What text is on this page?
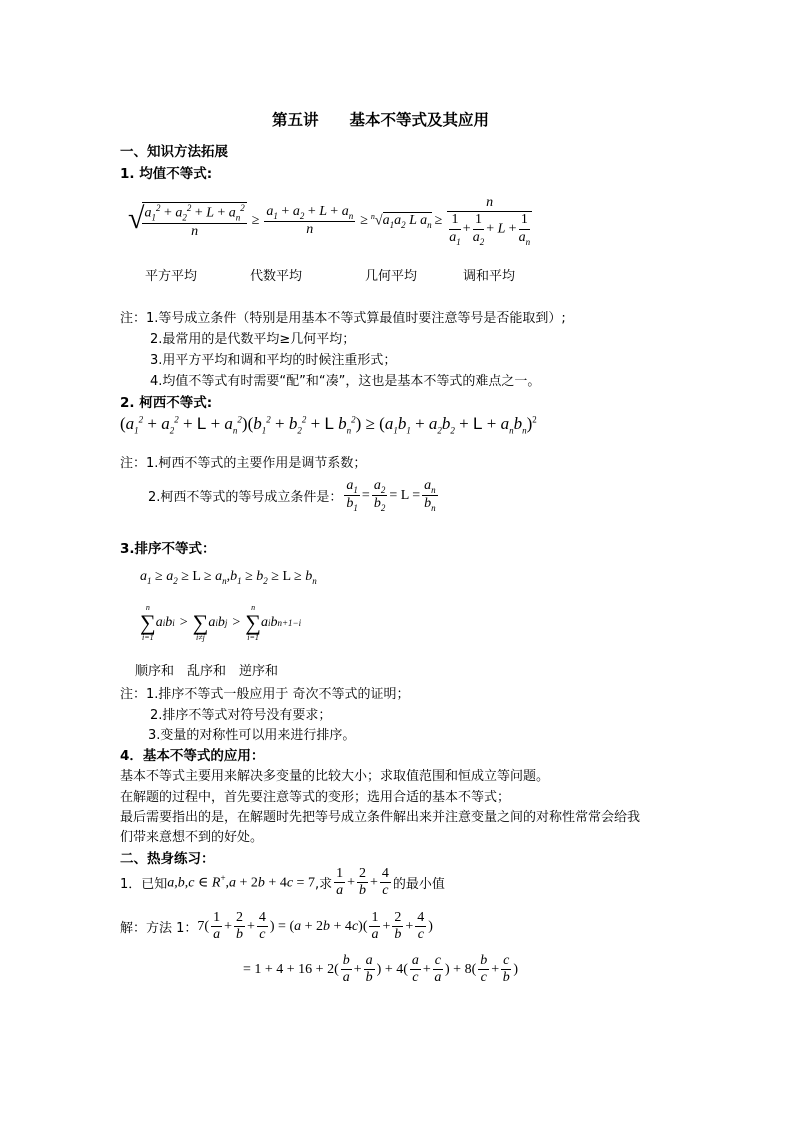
第五讲　　基本不等式及其应用
一、知识方法拓展
1. 均值不等式:
√
$\frac{a_1^2 + a_2^2 + L + a_n^2}{n} \ge \frac{a_1 + a_2 + L + a_n}{n} \ge ^n√$ $a_1a_2$ L $a_n \ge \frac{n}{\frac{1}{a_1} + \frac{1}{a_2} + L + \frac{1}{a_n}}$
平方平均	代数平均	几何平均	调和平均
注：1.等号成立条件（特别是用基本不等式算最值时要注意等号是否能取到）;
2.最常用的是代数平均≥几何平均；
3.用平方平均和调和平均的时候注重形式；
4.均值不等式有时需要“配”和“凑”，这也是基本不等式的难点之一。
2. 柯西不等式:
$(a_1^2 + a_2^2 + L + a_n^2)(b_1^2 + b_2^2 + L$ $b_n^2) \ge (a_1b_1 + a_2b_2 + L + a_nb_n)^2$
注：1.柯西不等式的主要作用是调节系数；
2.柯西不等式的等号成立条件是： $\frac{a_1}{b_1} = \frac{a_2}{b_2} = L = \frac{a_n}{b_n}$
3.排序不等式：
$a_1 \ge a_2 \ge L \ge a_n,b_1 \ge b_2 \ge L \ge b_n$
n
∑
i=1
a i b i >
∑
i≠j
a i b j >
n
∑
i=1
a i b n+1−i
顺序和　乱序和　逆序和
注：1.排序不等式一般应用于 奇次不等式的证明；
2.排序不等式对符号没有要求；
3.变量的对称性可以用来进行排序。
4．基本不等式的应用：
基本不等式主要用来解决多变量的比较大小；求取值范围和恒成立等问题。
在解题的过程中，首先要注意等式的变形；选用合适的基本不等式；
最后需要指出的是，在解题时先把等号成立条件解出来并注意变量之间的对称性常常会给我
们带来意想不到的好处。
二、热身练习：
1．已知 a,b,c ∈ R+,a + 2b + 4c = 7 ,求 $\frac{1}{a} + \frac{2}{b} + \frac{4}{c}$ 的最小值
解：方法 1： $7( \frac{1}{a} + \frac{2}{b} + \frac{4}{c}$ ) = $(a + 2b + 4c)( \frac{1}{a} + \frac{2}{b} + \frac{4}{c}$ )
= 1 + 4 + 16 + 2(
b
a
+ $\frac{a}{b}$ ) + 4(
a
c
+ $\frac{c}{a}$ ) + 8(
b
c
+ $\frac{c}{b}$ )
